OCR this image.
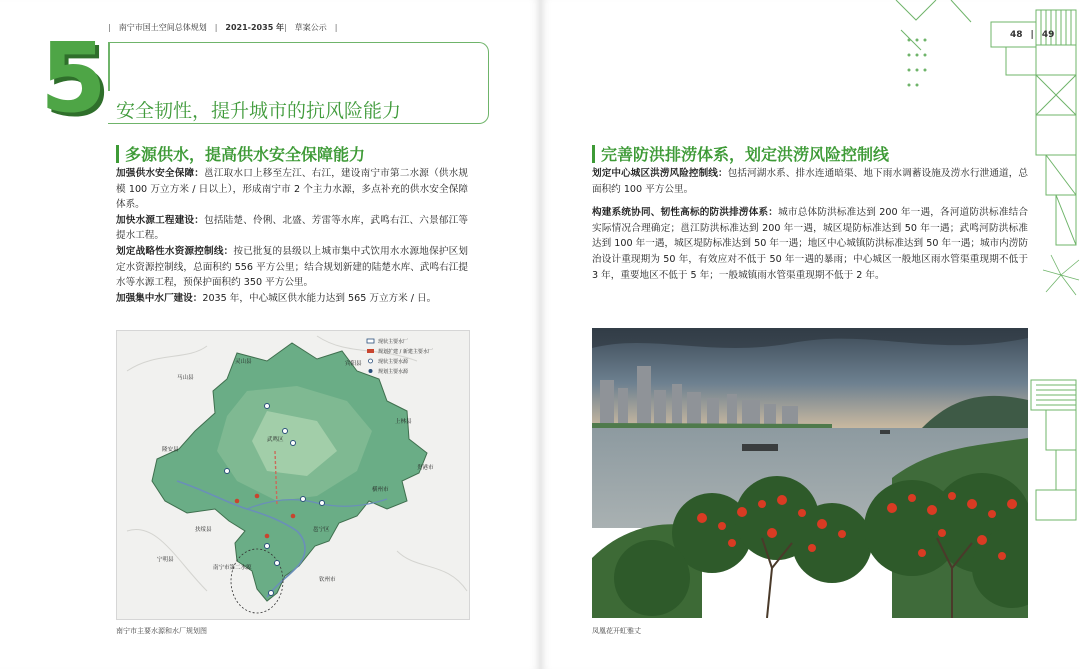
| 南宁市国土空间总体规划 | 2021-2035 年| 草案公示 |
5 安全韧性，提升城市的抗风险能力
多源供水，提高供水安全保障能力

加强供水安全保障：邕江取水口上移至左江、右江，建设南宁市第二水源（供水规模 100 万立方米 / 日以上），形成南宁市 2 个主力水源，多点补充的供水安全保障体系。

加快水源工程建设：包括陆楚、伶俐、北盛、芳雷等水库，武鸣右江、六景郁江等提水工程。

划定战略性水资源控制线：按已批复的县级以上城市集中式饮用水水源地保护区划定水资源控制线，总面积约 556 平方公里；结合规划新建的陆楚水库、武鸣右江提水等水源工程，预保护面积约 350 平方公里。

加强集中水厂建设：2035 年，中心城区供水能力达到 565 万立方米 / 日。

灵山县	宾阳县
武鸣区
隆安县
横州市
邕宁区
钦州市
上林县
扶绥县
马山县
贵港市
宁明县
南宁市第二水源
现状主要水厂
规划扩建 / 新建主要水厂
现状主要水源
规划主要水源
南宁市主要水源和水厂规划图
48 | 49
完善防洪排涝体系，划定洪涝风险控制线

划定中心城区洪涝风险控制线：包括河湖水系、排水连通暗渠、地下雨水调蓄设施及涝水行泄通道，总面积约 100 平方公里。

构建系统协同、韧性高标的防洪排涝体系：城市总体防洪标准达到 200 年一遇，各河道防洪标准结合实际情况合理确定；邕江防洪标准达到 200 年一遇，城区堤防标准达到 50 年一遇；武鸣河防洪标准达到 100 年一遇，城区堤防标准达到 50 年一遇；地区中心城镇防洪标准达到 50 年一遇；城市内涝防治设计重现期为 50 年，有效应对不低于 50 年一遇的暴雨；中心城区一般地区雨水管渠重现期不低于 3 年，重要地区不低于 5 年；一般城镇雨水管渠重现期不低于 2 年。

凤凰花开虹雅丈
